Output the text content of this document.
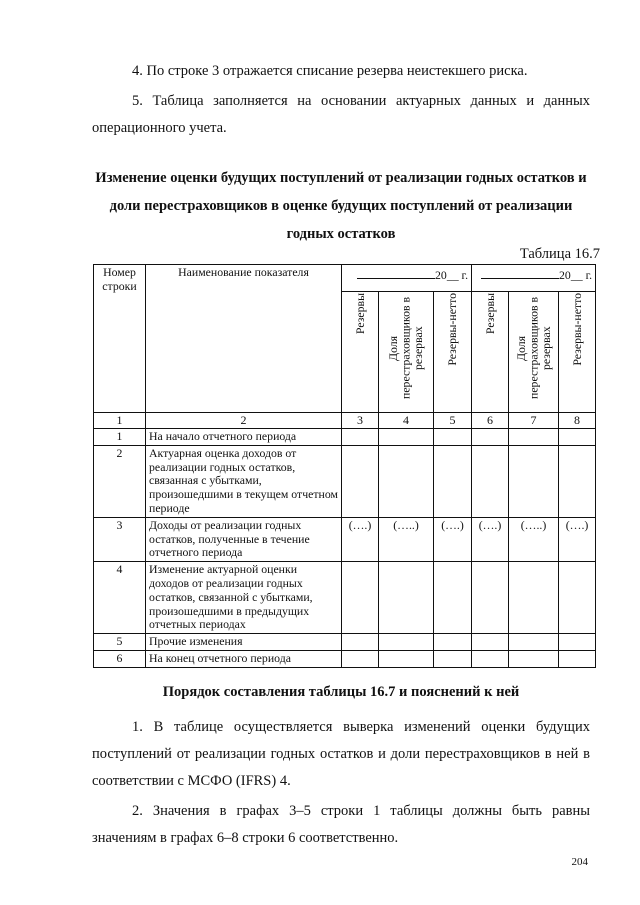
4. По строке 3 отражается списание резерва неистекшего риска.
5. Таблица заполняется на основании актуарных данных и данных операционного учета.
Изменение оценки будущих поступлений от реализации годных остатков и доли перестраховщиков в оценке будущих поступлений от реализации годных остатков
Таблица 16.7
Номер строки	Наименование показателя	20__ г.			20__ г.		
		Резервы	Доля перестраховщиков в резервах	Резервы-нетто	Резервы	Доля перестраховщиков в резервах	Резервы-нетто
1	2	3	4	5	6	7	8
1	На начало отчетного периода						
2	Актуарная оценка доходов от реализации годных остатков, связанная с убытками, произошедшими в текущем отчетном периоде						
3	Доходы от реализации годных остатков, полученные в течение отчетного периода	(….)	(…..)	(….)	(….)	(…..)	(….)
4	Изменение актуарной оценки доходов от реализации годных остатков, связанной с убытками, произошедшими в предыдущих отчетных периодах						
5	Прочие изменения						
6	На конец отчетного периода						
Порядок составления таблицы 16.7 и пояснений к ней
1. В таблице осуществляется выверка изменений оценки будущих поступлений от реализации годных остатков и доли перестраховщиков в ней в соответствии с МСФО (IFRS) 4.
2. Значения в графах 3–5 строки 1 таблицы должны быть равны значениям в графах 6–8 строки 6 соответственно.
204
